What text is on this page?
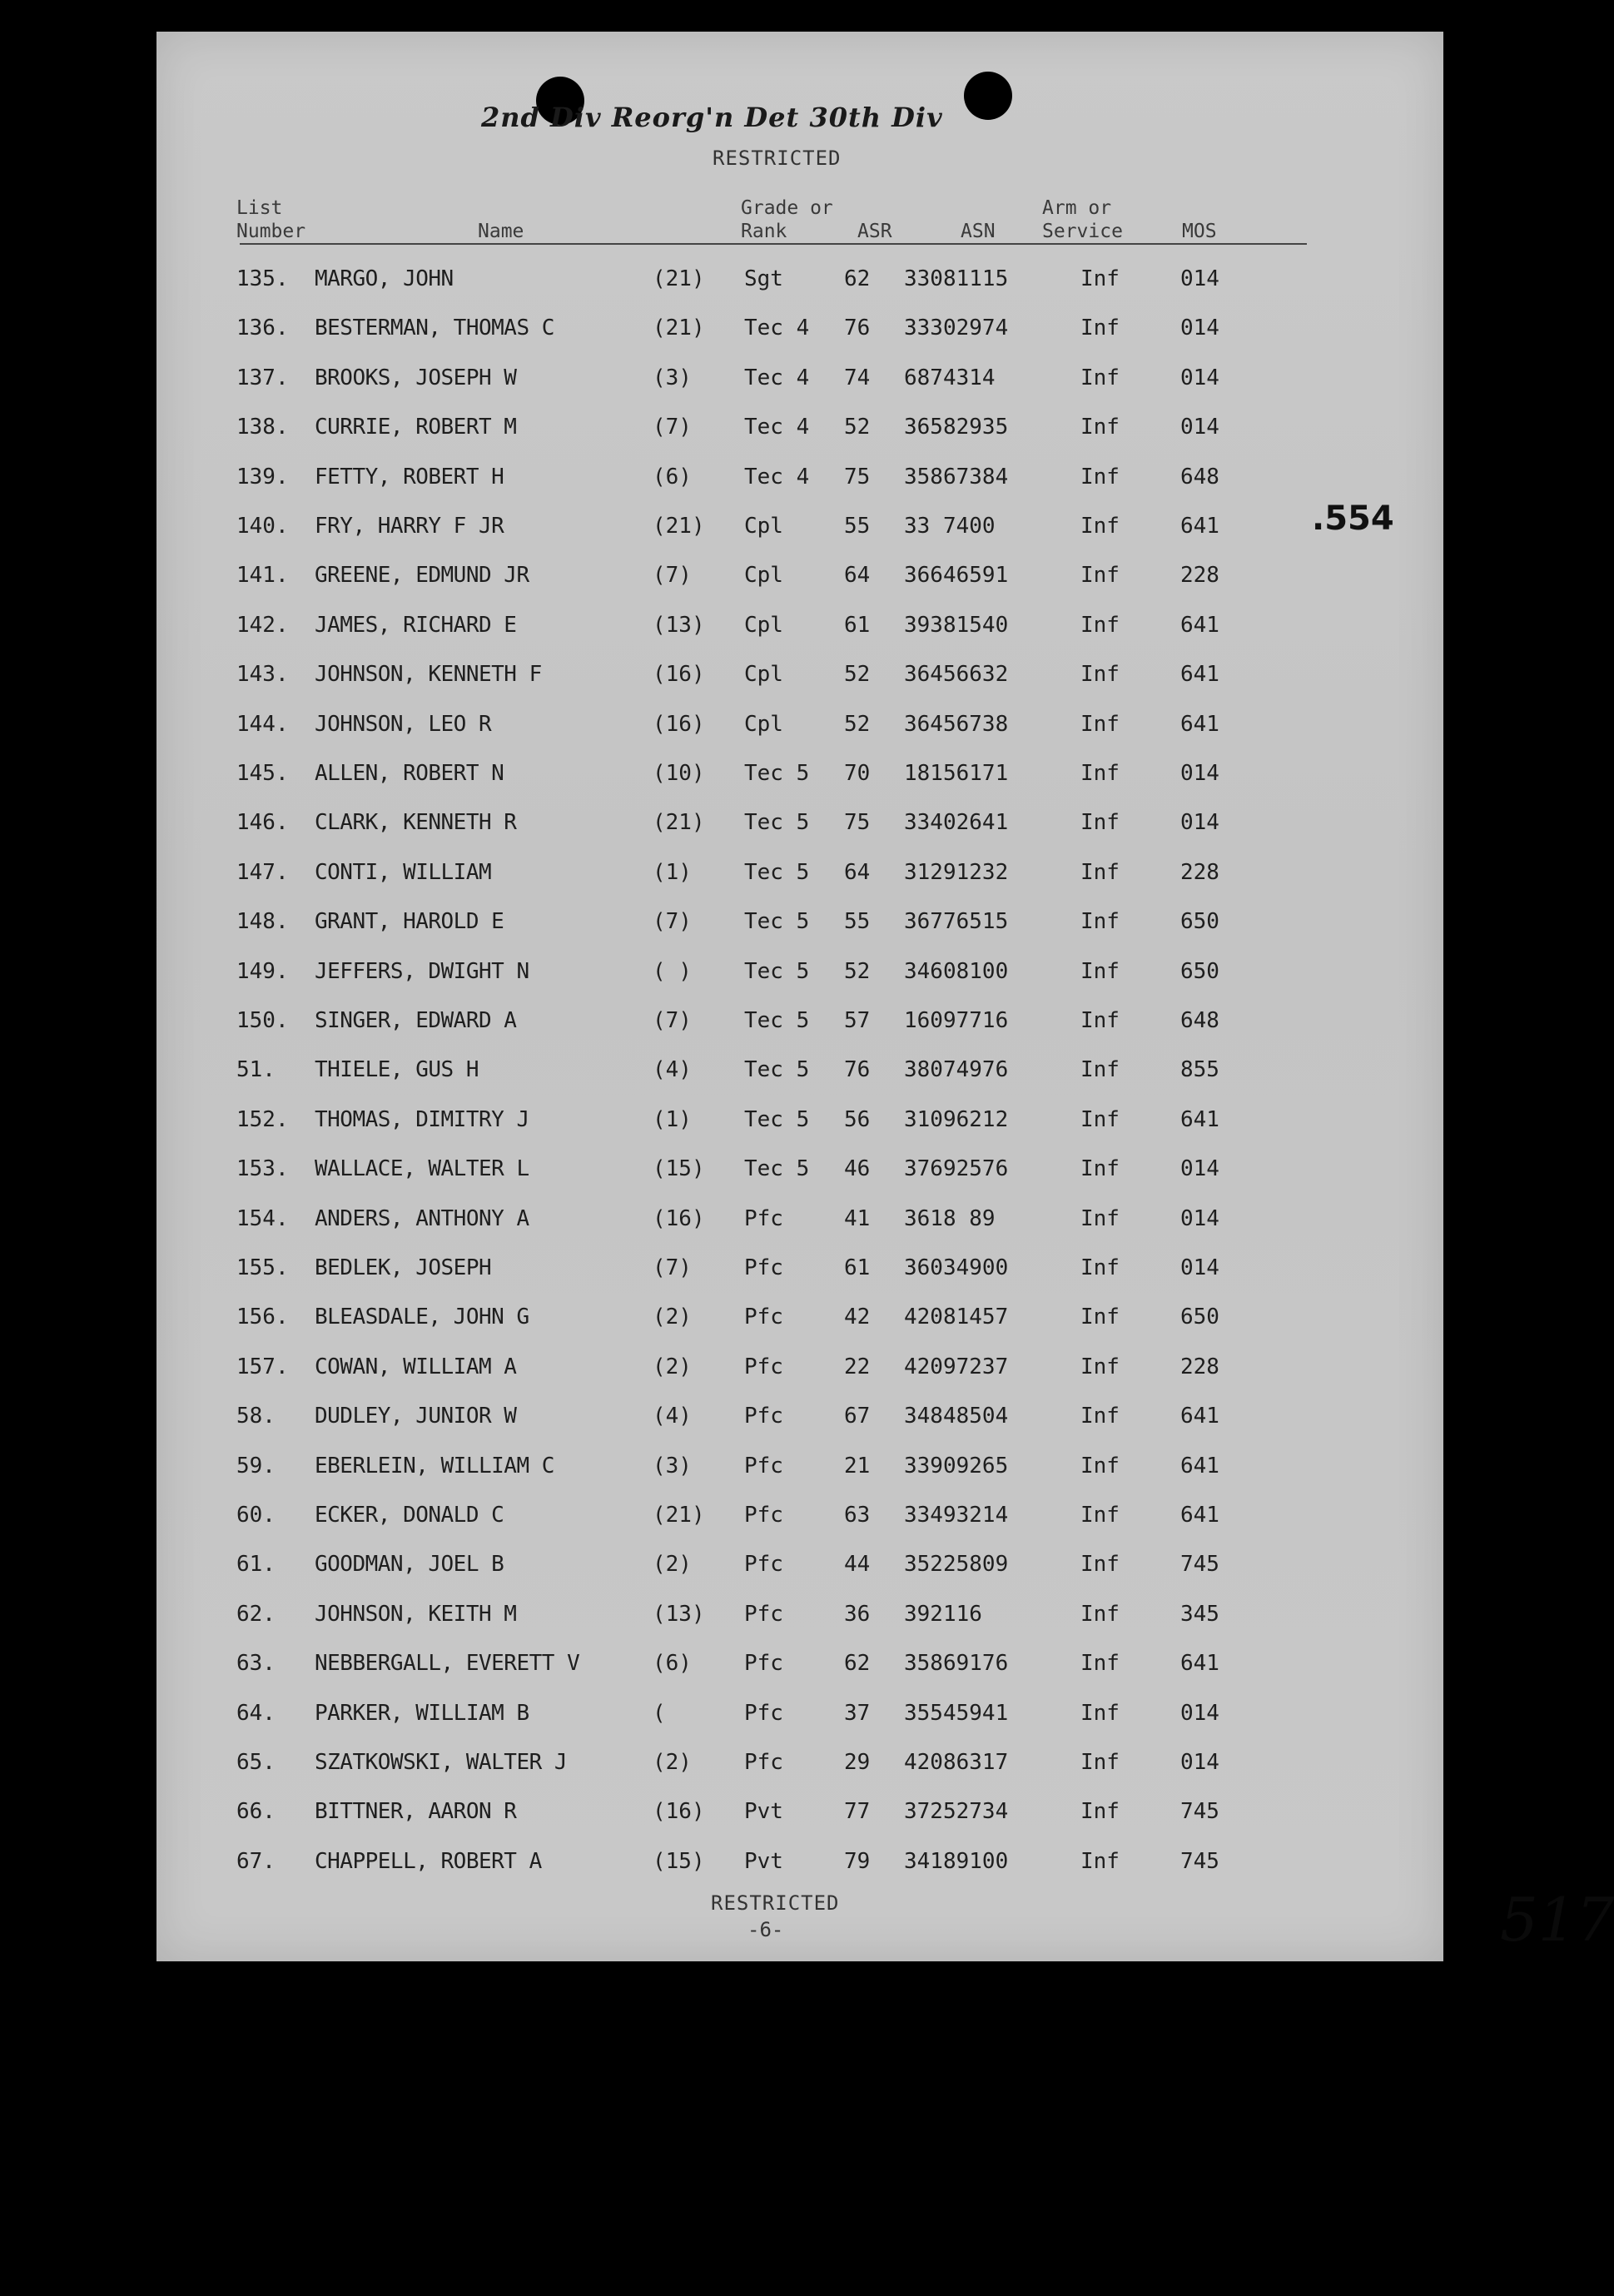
2nd Div Reorg'n Det 30th Div
RESTRICTED
List
Number	Name
Grade or
Rank	ASR	ASN
Arm or
Service	MOS
135. MARGO, JOHN	(21) Sgt	62 33081115	Inf	014
136. BESTERMAN, THOMAS C	(21) Tec 4 76 33302974	Inf	014
137. BROOKS, JOSEPH W	(3) Tec 4 74 6874314	Inf	014
138. CURRIE, ROBERT M	(7) Tec 4 52 36582935	Inf	014
139. FETTY, ROBERT H	(6) Tec 4 75 35867384	Inf	648
140. FRY, HARRY F JR	(21) Cpl	55 33 7400	Inf	641
141. GREENE, EDMUND JR	(7) Cpl	64 36646591	Inf	228
142. JAMES, RICHARD E	(13) Cpl	61 39381540	Inf	641
143. JOHNSON, KENNETH F	(16) Cpl	52 36456632	Inf	641
144. JOHNSON, LEO R	(16) Cpl	52 36456738	Inf	641
145. ALLEN, ROBERT N	(10) Tec 5 70 18156171	Inf	014
146. CLARK, KENNETH R	(21) Tec 5 75 33402641	Inf	014
147. CONTI, WILLIAM	(1) Tec 5 64 31291232	Inf	228
148. GRANT, HAROLD E	(7) Tec 5 55 36776515	Inf	650
149. JEFFERS, DWIGHT N	( ) Tec 5 52 34608100	Inf	650
150. SINGER, EDWARD A	(7) Tec 5 57 16097716	Inf	648
51. THIELE, GUS H	(4) Tec 5 76 38074976	Inf	855
152. THOMAS, DIMITRY J	(1) Tec 5 56 31096212	Inf	641
153. WALLACE, WALTER L	(15) Tec 5 46 37692576	Inf	014
154. ANDERS, ANTHONY A	(16) Pfc	41 3618 89	Inf	014
155. BEDLEK, JOSEPH	(7) Pfc	61 36034900	Inf	014
156. BLEASDALE, JOHN G	(2) Pfc	42 42081457	Inf	650
157. COWAN, WILLIAM A	(2) Pfc	22 42097237	Inf	228
58. DUDLEY, JUNIOR W	(4) Pfc	67 34848504	Inf	641
59. EBERLEIN, WILLIAM C	(3) Pfc	21 33909265	Inf	641
60. ECKER, DONALD C	(21) Pfc	63 33493214	Inf	641
61. GOODMAN, JOEL B	(2) Pfc	44 35225809	Inf	745
62. JOHNSON, KEITH M	(13) Pfc	36 392116	Inf	345
63. NEBBERGALL, EVERETT V	(6) Pfc	62 35869176	Inf	641
64. PARKER, WILLIAM B	(	Pfc	37 35545941	Inf	014
65. SZATKOWSKI, WALTER J	(2) Pfc	29 42086317	Inf	014
66. BITTNER, AARON R	(16) Pvt	77 37252734	Inf	745
67. CHAPPELL, ROBERT A	(15) Pvt	79 34189100	Inf	745
.554
RESTRICTED
-6-	517
